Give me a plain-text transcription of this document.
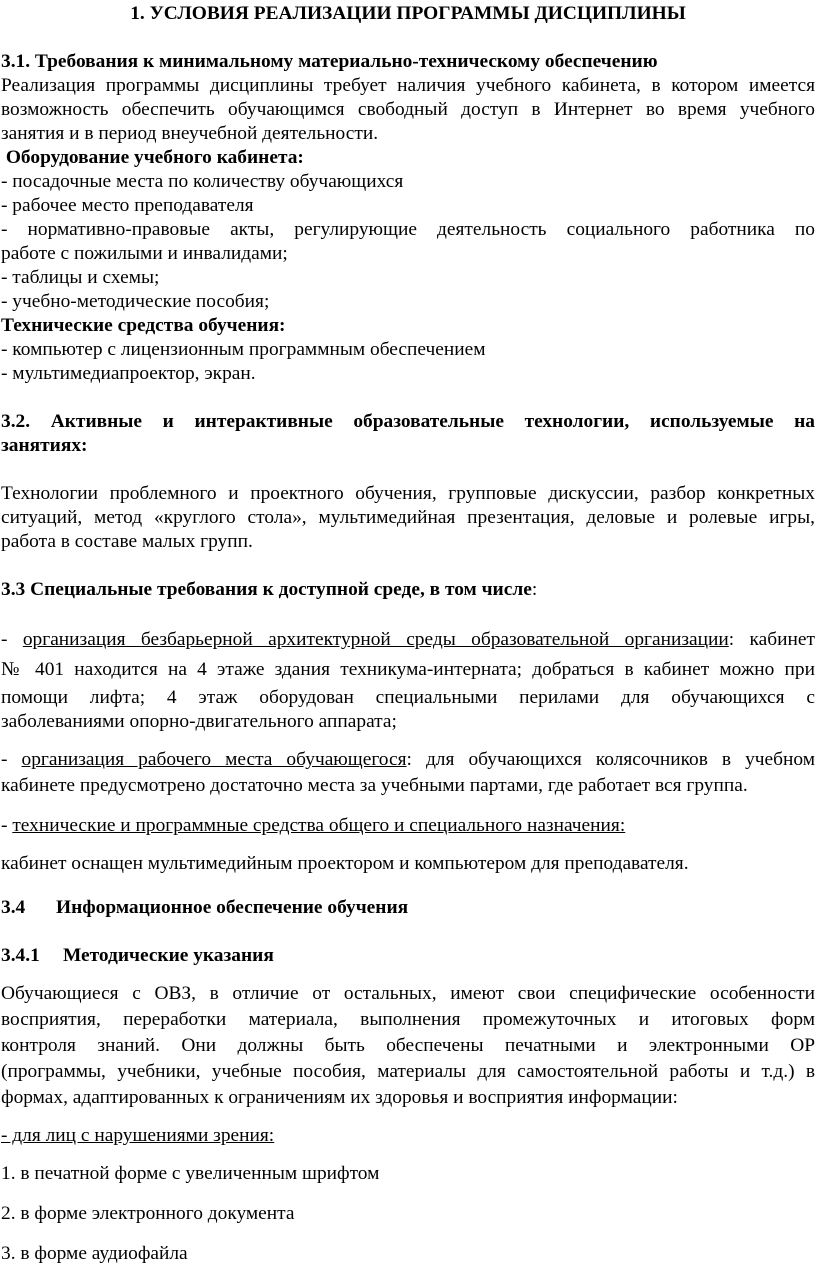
1. УСЛОВИЯ РЕАЛИЗАЦИИ ПРОГРАММЫ ДИСЦИПЛИНЫ
3.1. Требования к минимальному материально-техническому обеспечению
Реализация программы дисциплины требует наличия учебного кабинета, в котором имеется
возможность обеспечить обучающимся свободный доступ в Интернет во время учебного
занятия и в период внеучебной деятельности.
Оборудование учебного кабинета:
- посадочные места по количеству обучающихся
- рабочее место преподавателя
- нормативно-правовые акты, регулирующие деятельность социального работника по
работе с пожилыми и инвалидами;
- таблицы и схемы;
- учебно-методические пособия;
Технические средства обучения:
- компьютер с лицензионным программным обеспечением
- мультимедиапроектор, экран.
3.2. Активные и интерактивные образовательные технологии, используемые на
занятиях:
Технологии проблемного и проектного обучения, групповые дискуссии, разбор конкретных
ситуаций, метод «круглого стола», мультимедийная презентация, деловые и ролевые игры,
работа в составе малых групп.
3.3 Специальные требования к доступной среде, в том числе:
- организация безбарьерной архитектурной среды образовательной организации: кабинет
№ 401 находится на 4 этаже здания техникума-интерната; добраться в кабинет можно при
помощи лифта; 4 этаж оборудован специальными перилами для обучающихся с
заболеваниями опорно-двигательного аппарата;
- организация рабочего места обучающегося: для обучающихся колясочников в учебном
кабинете предусмотрено достаточно места за учебными партами, где работает вся группа.
- технические и программные средства общего и специального назначения:
кабинет оснащен мультимедийным проектором и компьютером для преподавателя.
3.4 Информационное обеспечение обучения
3.4.1 Методические указания
Обучающиеся с ОВЗ, в отличие от остальных, имеют свои специфические особенности
восприятия, переработки материала, выполнения промежуточных и итоговых форм
контроля знаний. Они должны быть обеспечены печатными и электронными ОР
(программы, учебники, учебные пособия, материалы для самостоятельной работы и т.д.) в
формах, адаптированных к ограничениям их здоровья и восприятия информации:
- для лиц с нарушениями зрения:
1. в печатной форме с увеличенным шрифтом
2. в форме электронного документа
3. в форме аудиофайла
